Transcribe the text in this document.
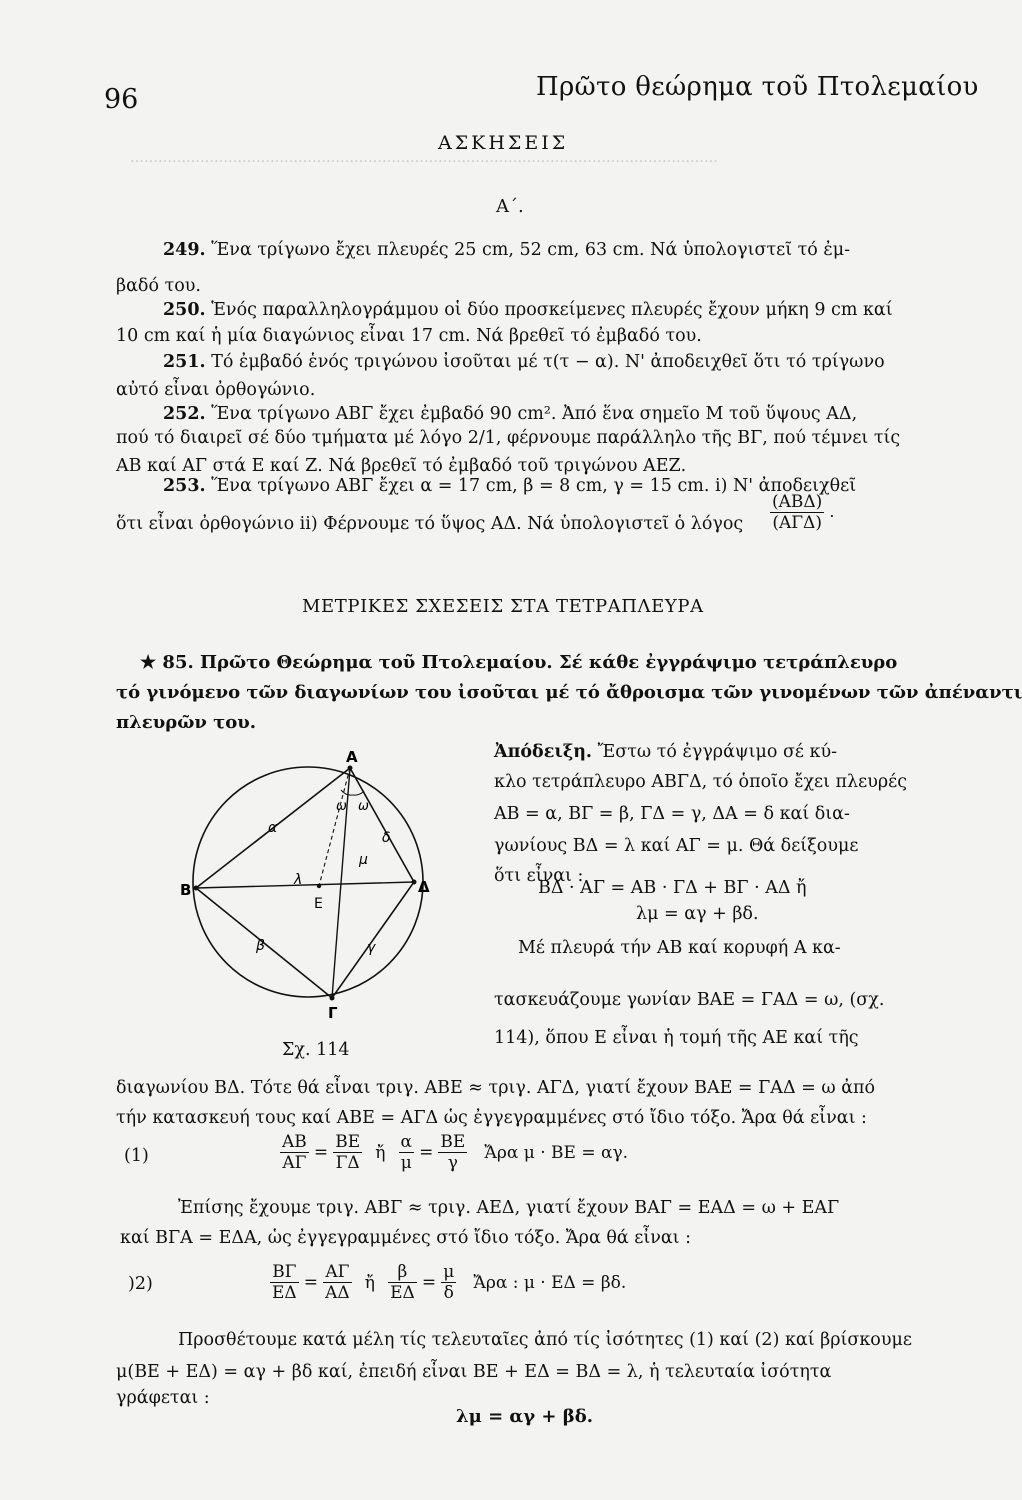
………………………………………………………………………………………………………………
96	Πρῶτο θεώρημα τοῦ Πτολεμαίου
ΑΣΚΗΣΕΙΣ
Α΄.
249. Ἕνα τρίγωνο ἔχει πλευρές 25 cm, 52 cm, 63 cm. Νά ὑπολογιστεῖ τό ἐμ-
βαδό του.
250. Ἑνός παραλληλογράμμου οἱ δύο προσκείμενες πλευρές ἔχουν μήκη 9 cm καί
10 cm καί ἡ μία διαγώνιος εἶναι 17 cm. Νά βρεθεῖ τό ἐμβαδό του.
251. Τό ἐμβαδό ἑνός τριγώνου ἰσοῦται μέ τ(τ − α). Ν' ἀποδειχθεῖ ὅτι τό τρίγωνο
αὐτό εἶναι ὀρθογώνιο.
252. Ἕνα τρίγωνο ΑΒΓ ἔχει ἐμβαδό 90 cm². Ἀπό ἕνα σημεῖο Μ τοῦ ὕψους ΑΔ,
πού τό διαιρεῖ σέ δύο τμήματα μέ λόγο 2/1, φέρνουμε παράλληλο τῆς ΒΓ, πού τέμνει τίς
ΑΒ καί ΑΓ στά Ε καί Ζ. Νά βρεθεῖ τό ἐμβαδό τοῦ τριγώνου ΑΕΖ.
253. Ἕνα τρίγωνο ΑΒΓ ἔχει α = 17 cm, β = 8 cm, γ = 15 cm. i) Ν' ἀποδειχθεῖ
ὅτι εἶναι ὀρθογώνιο ii) Φέρνουμε τό ὕψος ΑΔ. Νά ὑπολογιστεῖ ὁ λόγος $\frac{\text{(ΑΒΔ)}}{\text{(ΑΓΔ)}}$ .
ΜΕΤΡΙΚΕΣ ΣΧΕΣΕΙΣ ΣΤΑ ΤΕΤΡΑΠΛΕΥΡΑ
★ 85. Πρῶτο Θεώρημα τοῦ Πτολεμαίου. Σέ κάθε ἐγγράψιμο τετράπλευρο
τό γινόμενο τῶν διαγωνίων του ἰσοῦται μέ τό ἄθροισμα τῶν γινομένων τῶν ἀπέναντι
πλευρῶν του.
Ἀπόδειξη. Ἔστω τό ἐγγράψιμο σέ κύ-
κλο τετράπλευρο ΑΒΓΔ, τό ὁποῖο ἔχει πλευρές
ΑΒ = α, ΒΓ = β, ΓΔ = γ, ΔΑ = δ καί δια-
γωνίους ΒΔ = λ καί ΑΓ = μ. Θά δείξουμε
ὅτι εἶναι :
ΒΔ · ΑΓ = ΑΒ · ΓΔ + ΒΓ · ΑΔ ἤ
λμ = αγ + βδ.
Μέ πλευρά τήν ΑΒ καί κορυφή Α κα-
τασκευάζουμε γωνίαν ΒΑΕ = ΓΑΔ = ω, (σχ.
114), ὅπου Ε εἶναι ἡ τομή τῆς ΑΕ καί τῆς
Α
Β
Γ
Δ
Ε
α
β	γ
δ
λ
μ
ω ω
Σχ. 114
διαγωνίου ΒΔ. Τότε θά εἶναι τριγ. ΑΒΕ ≈ τριγ. ΑΓΔ, γιατί ἔχουν ΒΑΕ = ΓΑΔ = ω ἀπό
τήν κατασκευή τους καί ΑΒΕ = ΑΓΔ ὡς ἐγγεγραμμένες στό ἴδιο τόξο. Ἄρα θά εἶναι :
(1)	$\frac{AB}{A\Gamma} = \frac{BE}{\Gamma\Delta}$ ἤ $\frac{\alpha}{\mu} = \frac{BE}{\gamma}$ Ἄρα μ · ΒΕ = αγ.
Ἐπίσης ἔχουμε τριγ. ΑΒΓ ≈ τριγ. ΑΕΔ, γιατί ἔχουν ΒΑΓ = ΕΑΔ = ω + ΕΑΓ
καί ΒΓΑ = ΕΔΑ, ὡς ἐγγεγραμμένες στό ἴδιο τόξο. Ἄρα θά εἶναι :
)2)	$\frac{B\Gamma}{E\Delta} = \frac{A\Gamma}{A\Delta}$ ἤ $\frac{\beta}{E\Delta} = \frac{\mu}{\delta}$ Ἄρα : μ · ΕΔ = βδ.
Προσθέτουμε κατά μέλη τίς τελευταῖες ἀπό τίς ἰσότητες (1) καί (2) καί βρίσκουμε
μ(ΒΕ + ΕΔ) = αγ + βδ καί, ἐπειδή εἶναι ΒΕ + ΕΔ = ΒΔ = λ, ἡ τελευταία ἰσότητα
γράφεται :
λμ = αγ + βδ.
